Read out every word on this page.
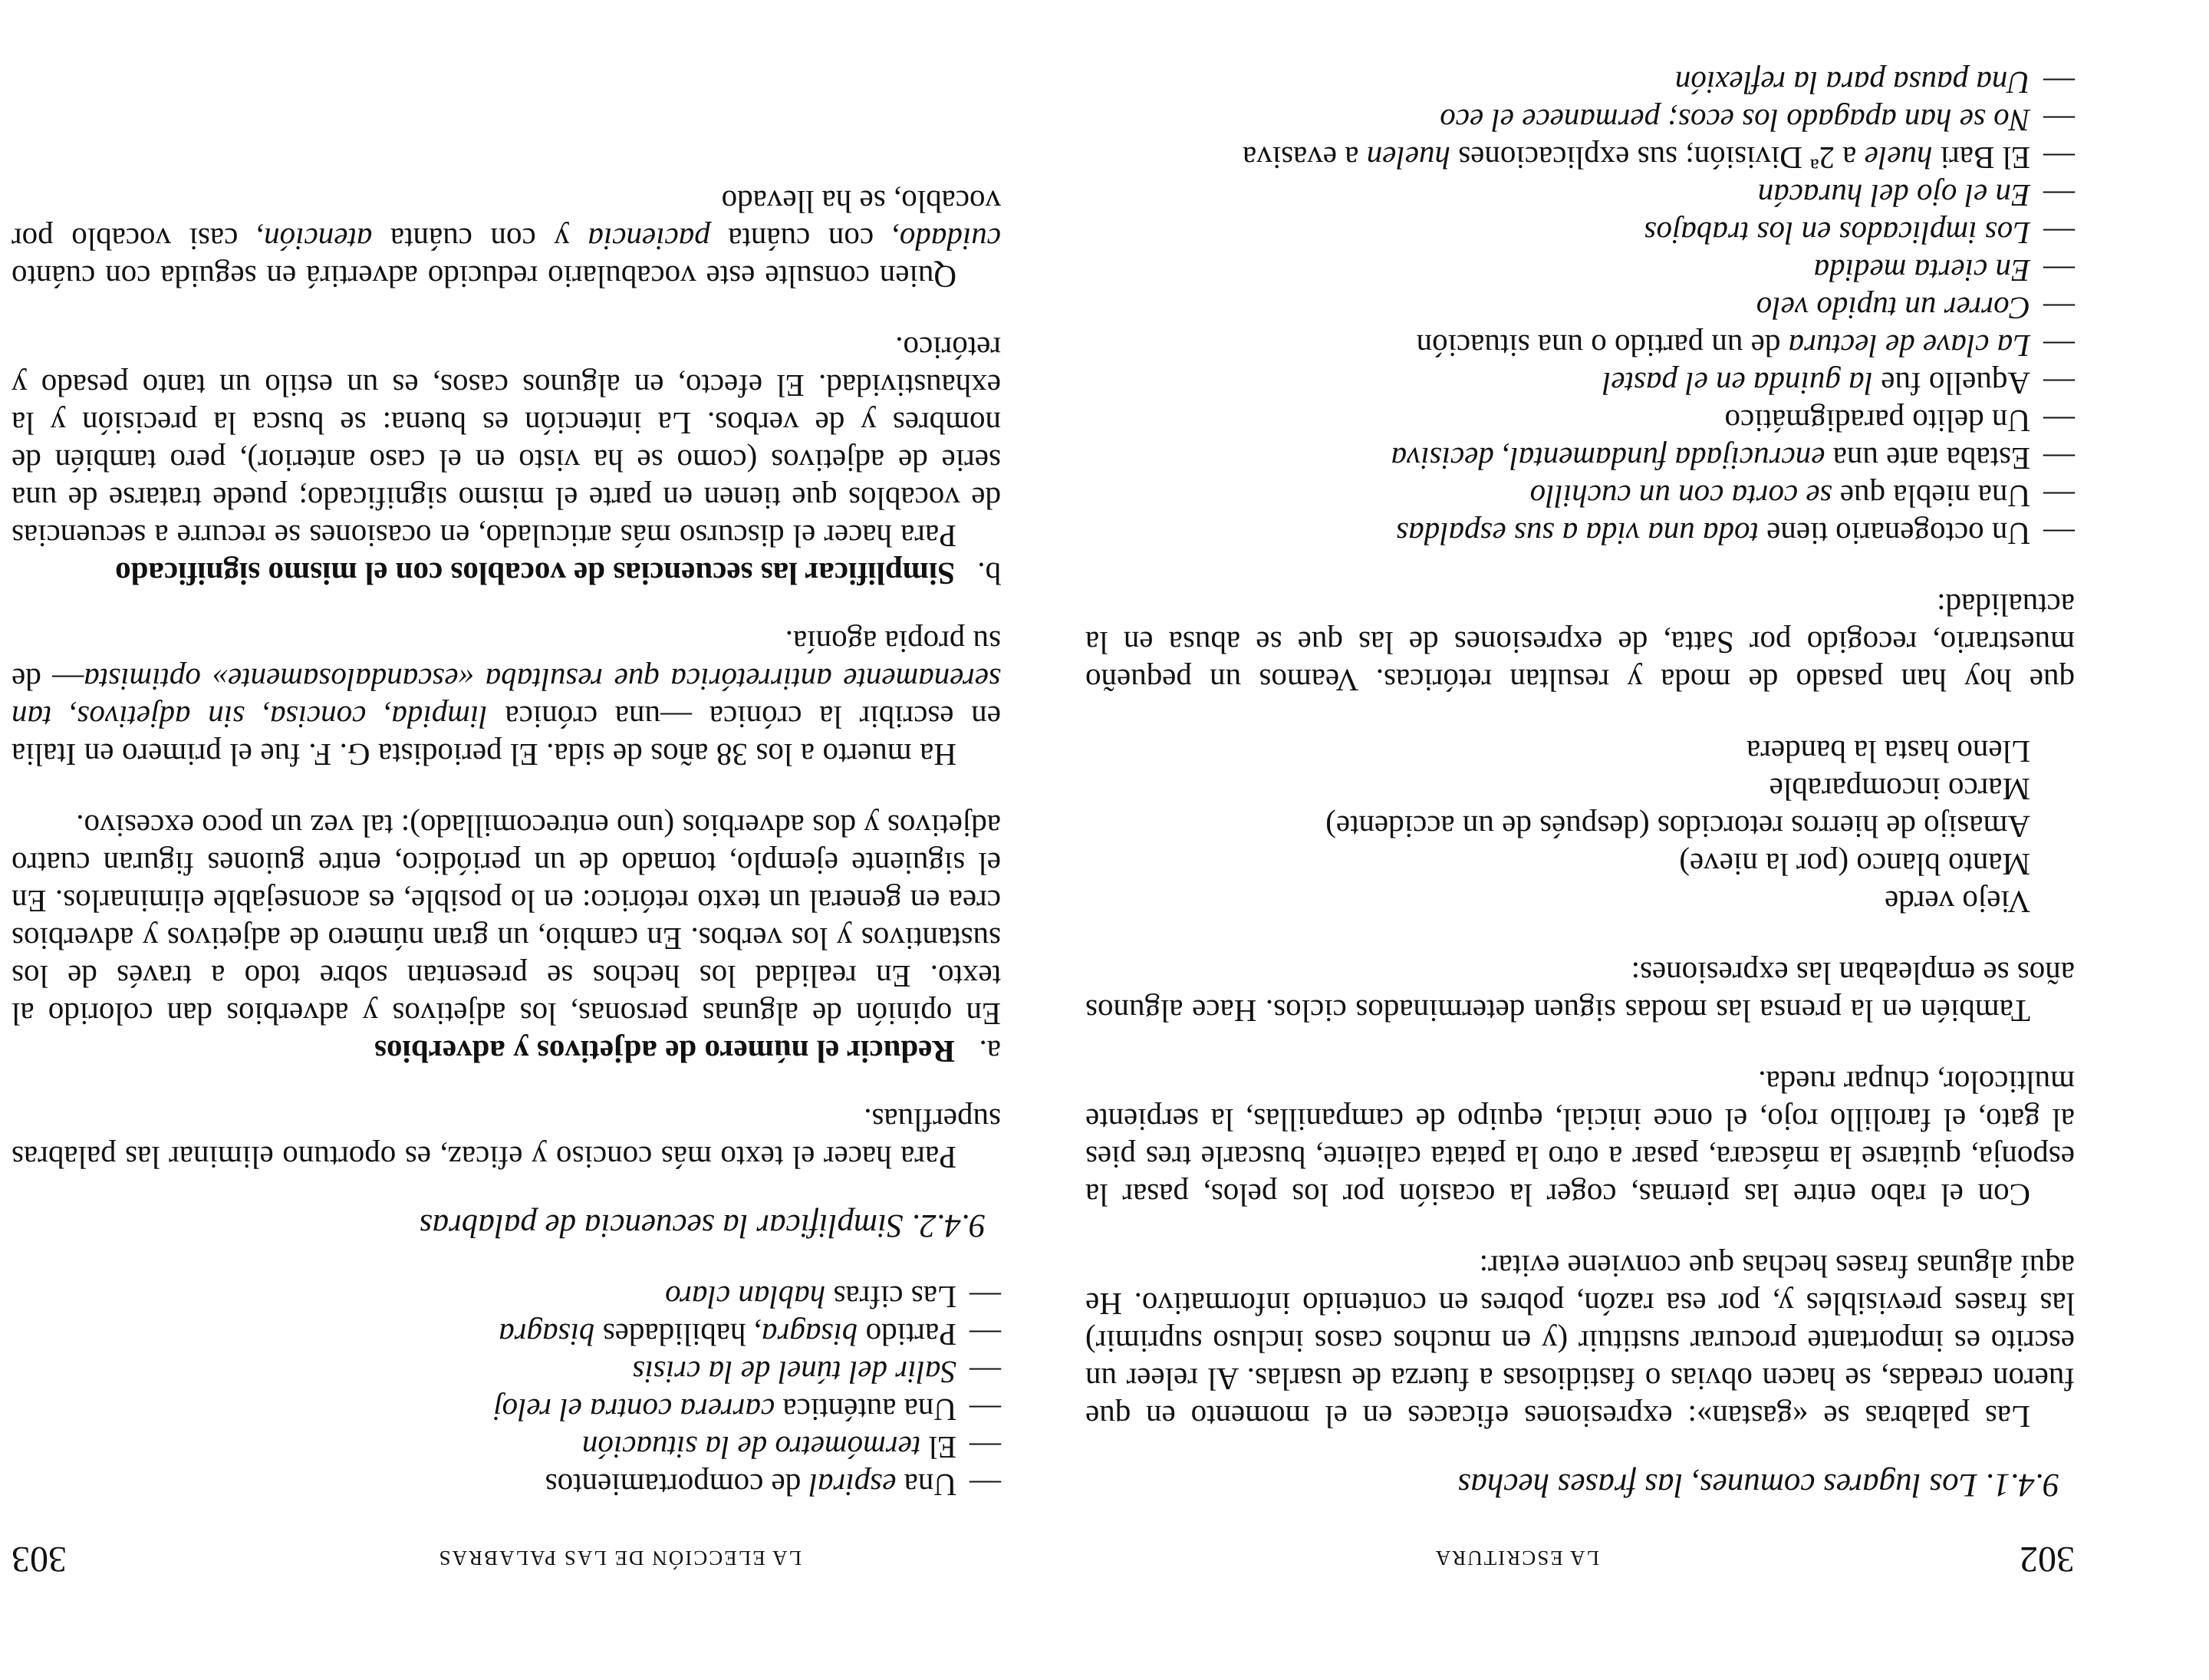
302
LA ESCRITURA
9.4.1. Los lugares comunes, las frases hechas

Las palabras se «gastan»: expresiones eficaces en el momento en que fueron creadas, se hacen obvias o fastidiosas a fuerza de usarlas. Al releer un escrito es importante procurar sustituir (y en muchos casos incluso suprimir) las frases previsibles y, por esa razón, pobres en contenido informativo. He aquí algunas frases hechas que conviene evitar:

Con el rabo entre las piernas, coger la ocasión por los pelos, pasar la esponja, quitarse la máscara, pasar a otro la patata caliente, buscarle tres pies al gato, el farolillo rojo, el once inicial, equipo de campanillas, la serpiente multicolor, chupar rueda.

También en la prensa las modas siguen determinados ciclos. Hace algunos años se empleaban las expresiones:

Viejo verde
Manto blanco (por la nieve)
Amasijo de hierros retorcidos (después de un accidente)
Marco incomparable
Lleno hasta la bandera

que hoy han pasado de moda y resultan retóricas. Veamos un pequeño muestrario, recogido por Satta, de expresiones de las que se abusa en la actualidad:

—Un octogenario tiene toda una vida a sus espaldas
—Una niebla que se corta con un cuchillo
—Estaba ante una encrucijada fundamental, decisiva
—Un delito paradigmático
—Aquello fue la guinda en el pastel
—La clave de lectura de un partido o una situación
—Correr un tupido velo
—En cierta medida
—Los implicados en los trabajos
—En el ojo del huracán
—El Bari huele a 2ª División; sus explicaciones huelen a evasiva
—No se han apagado los ecos; permanece el eco
—Una pausa para la reflexión
LA ELECCIÓN DE LAS PALABRAS
303
—Una espiral de comportamientos
—El termómetro de la situación
—Una auténtica carrera contra el reloj
—Salir del túnel de la crisis
—Partido bisagra, habilidades bisagra
—Las cifras hablan claro
9.4.2. Simplificar la secuencia de palabras

Para hacer el texto más conciso y eficaz, es oportuno eliminar las palabras superfluas.

a.Reducir el número de adjetivos y adverbios

En opinión de algunas personas, los adjetivos y adverbios dan colorido al texto. En realidad los hechos se presentan sobre todo a través de los sustantivos y los verbos. En cambio, un gran número de adjetivos y adverbios crea en general un texto retórico: en lo posible, es aconsejable eliminarlos. En el siguiente ejemplo, tomado de un periódico, entre guiones figuran cuatro adjetivos y dos adverbios (uno entrecomillado): tal vez un poco excesivo.

Ha muerto a los 38 años de sida. El periodista G. F. fue el primero en Italia en escribir la crónica —una crónica limpida, concisa, sin adjetivos, tan serenamente antirretórica que resultaba «escandalosamente» optimista— de su propia agonía.

b.Simplificar las secuencias de vocablos con el mismo significado

Para hacer el discurso más articulado, en ocasiones se recurre a secuencias de vocablos que tienen en parte el mismo significado; puede tratarse de una serie de adjetivos (como se ha visto en el caso anterior), pero también de nombres y de verbos. La intención es buena: se busca la precisión y la exhaustividad. El efecto, en algunos casos, es un estilo un tanto pesado y retórico.

Quien consulte este vocabulario reducido advertirá en seguida con cuánto cuidado, con cuánta paciencia y con cuánta atención, casi vocablo por vocablo, se ha llevado
